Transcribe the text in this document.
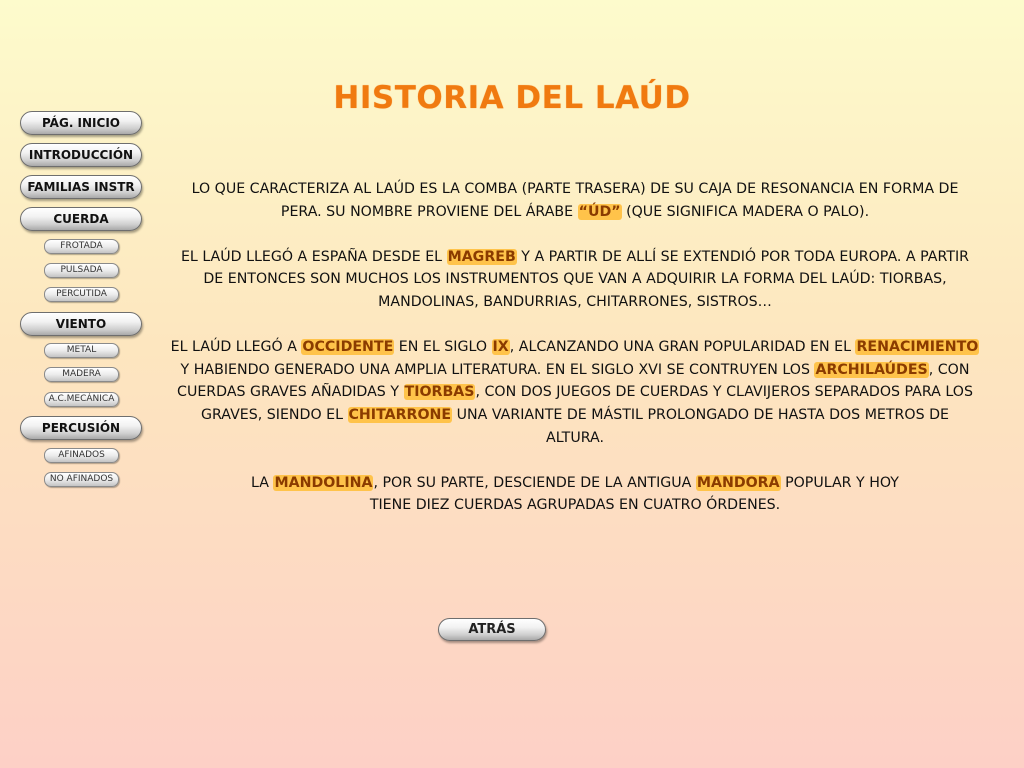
HISTORIA DEL LAÚD
PÁG. INICIO
INTRODUCCIÓN
FAMILIAS INSTR
CUERDA
FROTADA
PULSADA
PERCUTIDA
VIENTO
METAL
MADERA
A.C.MECÁNICA
PERCUSIÓN
AFINADOS
NO AFINADOS

LO QUE CARACTERIZA AL LAÚD ES LA COMBA (PARTE TRASERA) DE SU CAJA DE RESONANCIA EN FORMA DE PERA. SU NOMBRE PROVIENE DEL ÁRABE “ÚD” (QUE SIGNIFICA MADERA O PALO).

EL LAÚD LLEGÓ A ESPAÑA DESDE EL MAGREB Y A PARTIR DE ALLÍ SE EXTENDIÓ POR TODA EUROPA. A PARTIR DE ENTONCES SON MUCHOS LOS INSTRUMENTOS QUE VAN A ADQUIRIR LA FORMA DEL LAÚD: TIORBAS, MANDOLINAS, BANDURRIAS, CHITARRONES, SISTROS…

EL LAÚD LLEGÓ A OCCIDENTE EN EL SIGLO IX, ALCANZANDO UNA GRAN POPULARIDAD EN EL RENACIMIENTO Y HABIENDO GENERADO UNA AMPLIA LITERATURA. EN EL SIGLO XVI SE CONTRUYEN LOS ARCHILAÚDES, CON CUERDAS GRAVES AÑADIDAS Y TIORBAS, CON DOS JUEGOS DE CUERDAS Y CLAVIJEROS SEPARADOS PARA LOS GRAVES, SIENDO EL CHITARRONE UNA VARIANTE DE MÁSTIL PROLONGADO DE HASTA DOS METROS DE ALTURA.

LA MANDOLINA, POR SU PARTE, DESCIENDE DE LA ANTIGUA MANDORA POPULAR Y HOY TIENE DIEZ CUERDAS AGRUPADAS EN CUATRO ÓRDENES.

ATRÁS
